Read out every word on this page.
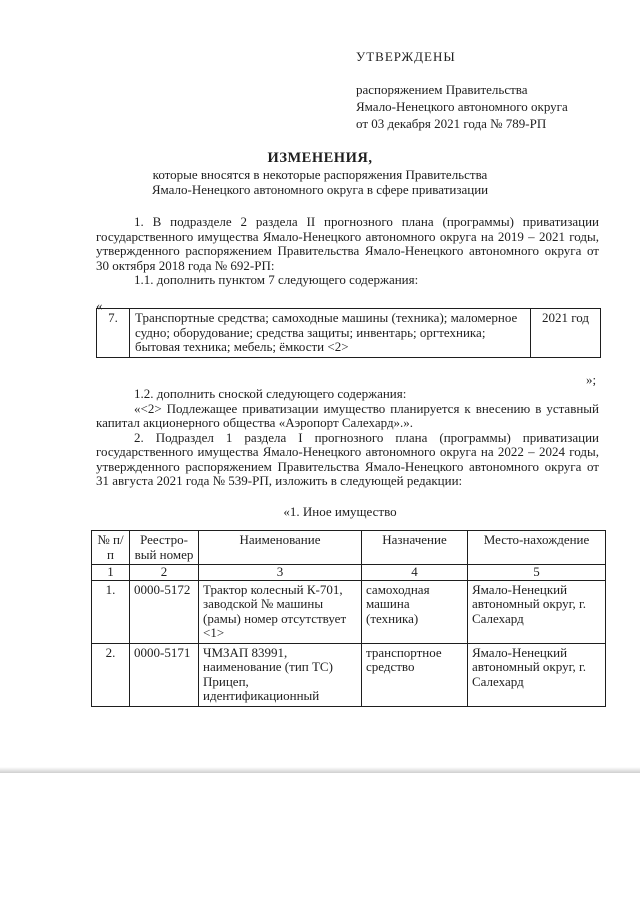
УТВЕРЖДЕНЫ
распоряжением Правительства
Ямало-Ненецкого автономного округа
от 03 декабря 2021 года № 789-РП
ИЗМЕНЕНИЯ,
которые вносятся в некоторые распоряжения Правительства
Ямало-Ненецкого автономного округа в сфере приватизации

1. В подразделе 2 раздела II прогнозного плана (программы) приватизации государственного имущества Ямало-Ненецкого автономного округа на 2019 – 2021 годы, утвержденного распоряжением Правительства Ямало-Ненецкого автономного округа от 30 октября 2018 года № 692-РП:

1.1. дополнить пунктом 7 следующего содержания:

«
7.	Транспортные средства; самоходные машины (техника); маломерное судно; оборудование; средства защиты; инвентарь; оргтехника; бытовая техника; мебель; ёмкости <2>	2021 год
»;

1.2. дополнить сноской следующего содержания:

«<2> Подлежащее приватизации имущество планируется к внесению в уставный капитал акционерного общества «Аэропорт Салехард».».

2. Подраздел 1 раздела I прогнозного плана (программы) приватизации государственного имущества Ямало-Ненецкого автономного округа на 2022 – 2024 годы, утвержденного распоряжением Правительства Ямало-Ненецкого автономного округа от 31 августа 2021 года № 539-РП, изложить в следующей редакции:

«1. Иное имущество
№ п/п	Реестро-вый номер	Наименование	Назначение	Место-нахождение
1	2	3	4	5
1.	0000-5172	Трактор колесный К-701, заводской № машины (рамы) номер отсутствует <1>	самоходная машина (техника)	Ямало-Ненецкий автономный округ, г. Салехард
2.	0000-5171	ЧМЗАП 83991, наименование (тип ТС) Прицеп, идентификационный	транспортное средство	Ямало-Ненецкий автономный округ, г. Салехард
